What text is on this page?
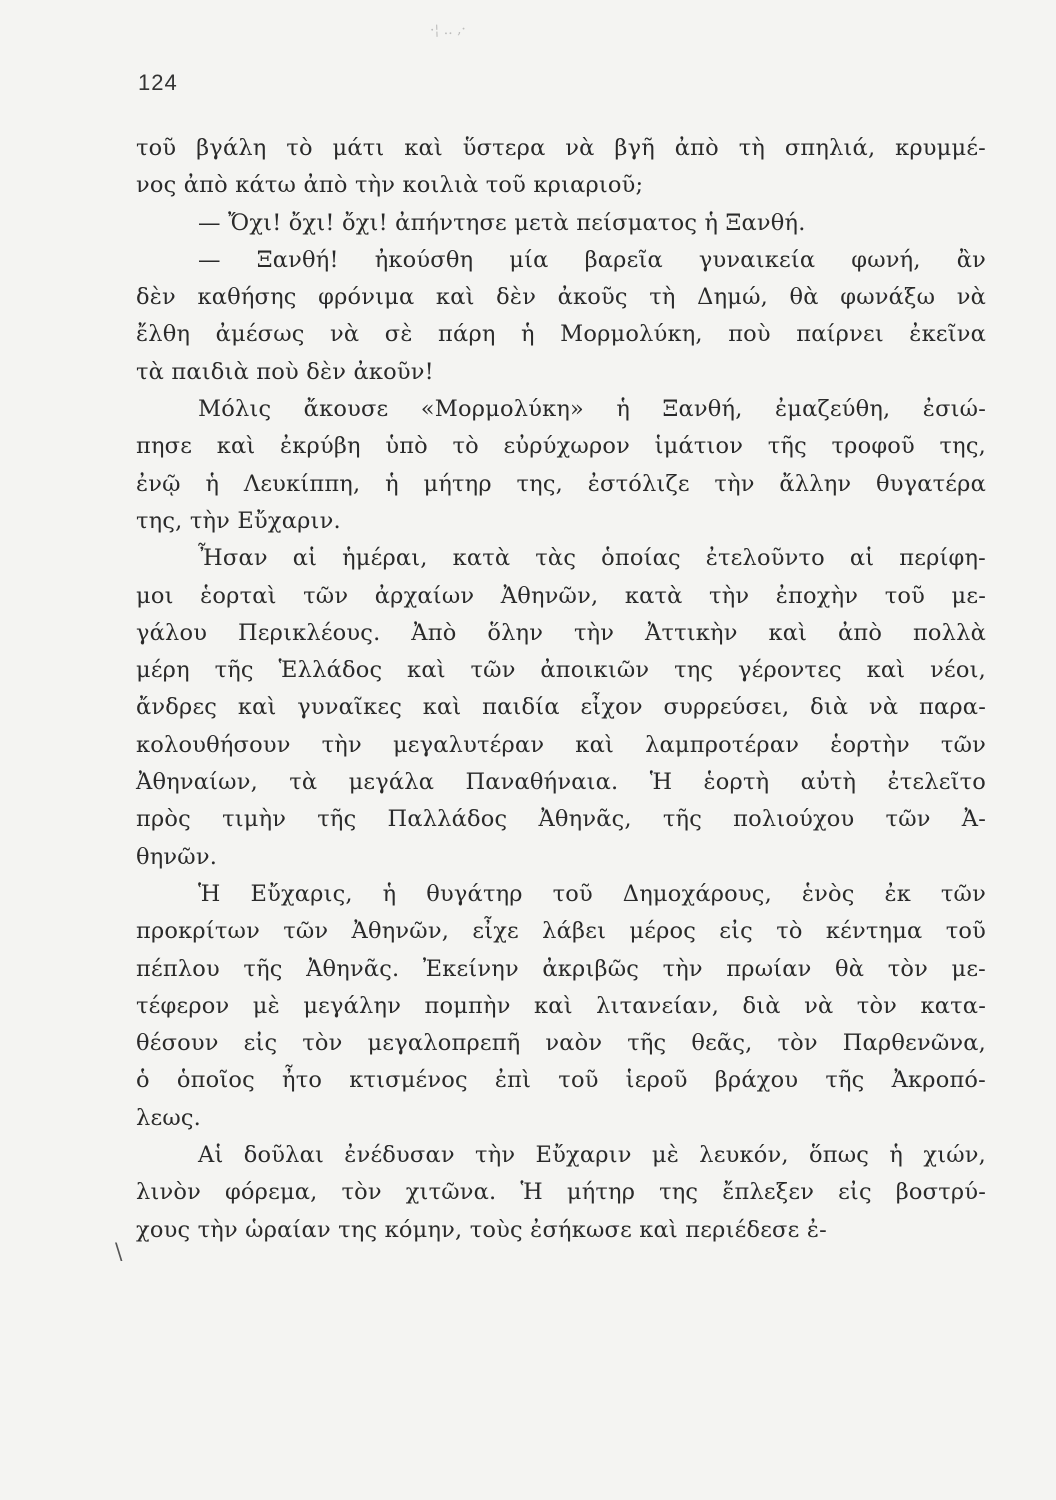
·¦ .. ,·
124
\
τοῦ βγάλη τὸ μάτι καὶ ὕστερα νὰ βγῆ ἀπὸ τὴ σπηλιά, κρυμμέ-
νος ἀπὸ κάτω ἀπὸ τὴν κοιλιὰ τοῦ κριαριοῦ;
— Ὄχι! ὄχι! ὄχι! ἀπήντησε μετὰ πείσματος ἡ Ξανθή.
— Ξανθή! ἠκούσθη μία βαρεῖα γυναικεία φωνή, ἂν
δὲν καθήσης φρόνιμα καὶ δὲν ἀκοῦς τὴ Δημώ, θὰ φωνάξω νὰ
ἔλθη ἀμέσως νὰ σὲ πάρη ἡ Μορμολύκη, ποὺ παίρνει ἐκεῖνα
τὰ παιδιὰ ποὺ δὲν ἀκοῦν!
Μόλις ἄκουσε «Μορμολύκη» ἡ Ξανθή, ἐμαζεύθη, ἐσιώ-
πησε καὶ ἐκρύβη ὑπὸ τὸ εὐρύχωρον ἱμάτιον τῆς τροφοῦ της,
ἐνῷ ἡ Λευκίππη, ἡ μήτηρ της, ἐστόλιζε τὴν ἄλλην θυγατέρα
της, τὴν Εὔχαριν.
Ἦσαν αἱ ἡμέραι, κατὰ τὰς ὁποίας ἐτελοῦντο αἱ περίφη-
μοι ἑορταὶ τῶν ἀρχαίων Ἀθηνῶν, κατὰ τὴν ἐποχὴν τοῦ με-
γάλου Περικλέους. Ἀπὸ ὅλην τὴν Ἀττικὴν καὶ ἀπὸ πολλὰ
μέρη τῆς Ἑλλάδος καὶ τῶν ἀποικιῶν της γέροντες καὶ νέοι,
ἄνδρες καὶ γυναῖκες καὶ παιδία εἶχον συρρεύσει, διὰ νὰ παρα-
κολουθήσουν τὴν μεγαλυτέραν καὶ λαμπροτέραν ἑορτὴν τῶν
Ἀθηναίων, τὰ μεγάλα Παναθήναια. Ἡ ἑορτὴ αὐτὴ ἐτελεῖτο
πρὸς τιμὴν τῆς Παλλάδος Ἀθηνᾶς, τῆς πολιούχου τῶν Ἀ-
θηνῶν.
Ἡ Εὔχαρις, ἡ θυγάτηρ τοῦ Δημοχάρους, ἑνὸς ἐκ τῶν
προκρίτων τῶν Ἀθηνῶν, εἶχε λάβει μέρος εἰς τὸ κέντημα τοῦ
πέπλου τῆς Ἀθηνᾶς. Ἐκείνην ἀκριβῶς τὴν πρωίαν θὰ τὸν με-
τέφερον μὲ μεγάλην πομπὴν καὶ λιτανείαν, διὰ νὰ τὸν κατα-
θέσουν εἰς τὸν μεγαλοπρεπῆ ναὸν τῆς θεᾶς, τὸν Παρθενῶνα,
ὁ ὁποῖος ἦτο κτισμένος ἐπὶ τοῦ ἱεροῦ βράχου τῆς Ἀκροπό-
λεως.
Αἱ δοῦλαι ἐνέδυσαν τὴν Εὔχαριν μὲ λευκόν, ὅπως ἡ χιών,
λινὸν φόρεμα, τὸν χιτῶνα. Ἡ μήτηρ της ἔπλεξεν εἰς βοστρύ-
χους τὴν ὡραίαν της κόμην, τοὺς ἐσήκωσε καὶ περιέδεσε ἐ-
